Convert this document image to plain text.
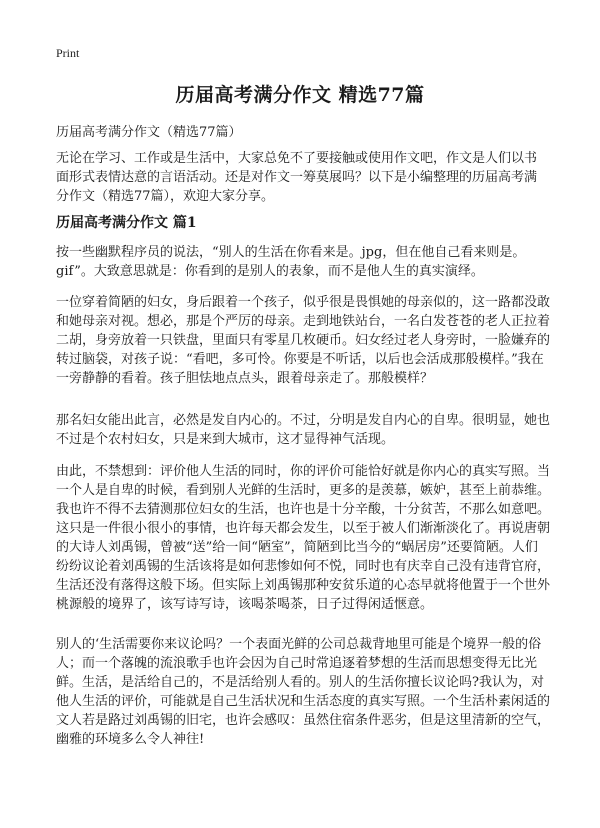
Print
历届高考满分作文 精选77篇
历届高考满分作文（精选77篇）

无论在学习、工作或是生活中，大家总免不了要接触或使用作文吧，作文是人们以书面形式表情达意的言语活动。还是对作文一筹莫展吗？以下是小编整理的历届高考满分作文（精选77篇），欢迎大家分享。

历届高考满分作文 篇1

按一些幽默程序员的说法，“别人的生活在你看来是。jpg，但在他自己看来则是。gif”。大致意思就是：你看到的是别人的表象，而不是他人生的真实演绎。

一位穿着简陋的妇女，身后跟着一个孩子，似乎很是畏惧她的母亲似的，这一路都没敢和她母亲对视。想必，那是个严厉的母亲。走到地铁站台，一名白发苍苍的老人正拉着二胡，身旁放着一只铁盘，里面只有零星几枚硬币。妇女经过老人身旁时，一脸嫌弃的转过脑袋，对孩子说：“看吧，多可怜。你要是不听话，以后也会活成那般模样。”我在一旁静静的看着。孩子胆怯地点点头，跟着母亲走了。那般模样？

那名妇女能出此言，必然是发自内心的。不过，分明是发自内心的自卑。很明显，她也不过是个农村妇女，只是来到大城市，这才显得神气活现。

由此，不禁想到：评价他人生活的同时，你的评价可能恰好就是你内心的真实写照。当一个人是自卑的时候，看到别人光鲜的生活时，更多的是羡慕，嫉妒，甚至上前恭维。我也许不得不去猜测那位妇女的生活，也许也是十分辛酸，十分贫苦，不那么如意吧。这只是一件很小很小的事情，也许每天都会发生，以至于被人们渐渐淡化了。再说唐朝的大诗人刘禹锡，曾被“送”给一间“陋室”，简陋到比当今的“蜗居房”还要简陋。人们纷纷议论着刘禹锡的生活该将是如何悲惨如何不悦，同时也有庆幸自己没有违背官府，生活还没有落得这般下场。但实际上刘禹锡那种安贫乐道的心态早就将他置于一个世外桃源般的境界了，该写诗写诗，该喝茶喝茶，日子过得闲适惬意。

别人的‘生活需要你来议论吗？一个表面光鲜的公司总裁背地里可能是个境界一般的俗人；而一个落魄的流浪歌手也许会因为自己时常追逐着梦想的生活而思想变得无比光鲜。生活，是活给自己的，不是活给别人看的。别人的生活你擅长议论吗?我认为，对他人生活的评价，可能就是自己生活状况和生活态度的真实写照。一个生活朴素闲适的文人若是路过刘禹锡的旧宅，也许会感叹：虽然住宿条件恶劣，但是这里清新的空气，幽雅的环境多么令人神往!
